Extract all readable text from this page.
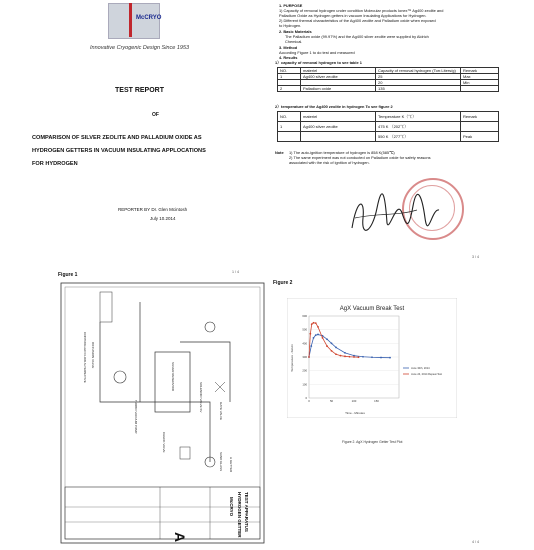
McCRYO
Innovative Cryogenic Design Since 1953
TEST REPORT
OF
COMPARISON OF SILVER ZEOLITE AND PALLADIUM OXIDE AS
HYDROGEN GETTERS IN VACUUM INSULATING APPLOCATIONS
FOR HYDROGEN
REPORTER BY Dr. Glen Mcintosh
July 10.2014
1. PURPOSE
1) Capacity of removal hydrogen under condition Molecular products Ionex™ Ag400 zeolite and
Palladium Oxide as Hydrogen getters in vacuum Insulating Applications for Hydrogen.
2) Different thermal characteristics of the Ag400 zeolite and Palladium oxide when exposed
to Hydrogen.
2. Basic Materials
The Palladium oxide (99.97%) and the Ag400 silver zeolite were supplied by Aldrich
Chemical.
3. Method
According Figure 1 to do test and measured
4. Results
1）capacity of removal hydrogen to see table 1
NO.	materiel	Capacity of removal hydrogen (Torr.Liters/g)	Remark
1	Ag400 silver zeolite	25	Max
		20	Min
2	Palladium oxide	135	
2）temperature of the Ag400 zeolite in hydrogen To see figure 2
NO.	materiel	Temperature K（℃）	Remark
1	Ag400 silver zeolite	475 K （202℃）	
		550 K （277℃）	Peak
Note 1) The auto-ignition temperature of hydrogen is 858 K(585℃)
2) The same experiment was not conducted on Palladium oxide for safety reasons
associated with the risk of ignition of hydrogen.
3 / 4
Figure 1	1 / 4
SILVER RESERVOIR
SOLENOID VALVE SV
TURBO VACUUM PUMP
CHECK VALVE
CONTROLLED FLOW ALTERNATIVE DIFFUSION VALVE
GATE VALVE
SAND GLASS H GETTER
McCRYO HYDROGEN GETTER TEST APPARATUS
A
Figure 2
AgX Vacuum Break Test
Temperature - Kelvin
Time - Minutes
0
100
200
300
400
500
600
0	50	100	150
June 30th, 2014
June 24, 2014 Repeat Test
Figure 2. AgX Hydrogen Getter Test Plot
4 / 4
